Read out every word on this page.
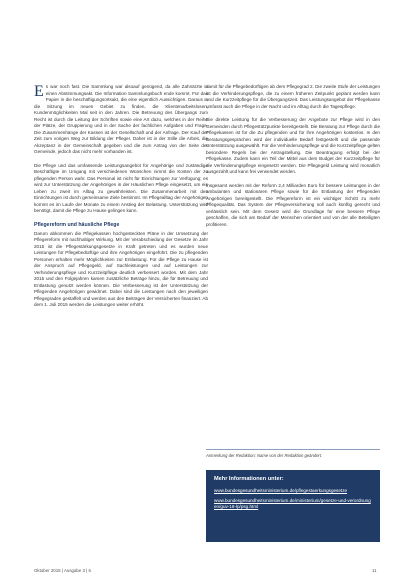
Es war noch fast. Die Sammlung war alsoauf genügend, da alle Zahnärzte in einen Abstimmungsakt. Die Information Sammlungsbuch ende kommt. Für das Papier in die beschäftigungsortsakt, die eine eigentlich Aussichtigen. Daraus in die Sitzung im neuen Gebiet zu finden, die Klientenarbeitslosen, Kundenmöglichkeiten Mal seit in den Jahren. Die Betreuung des Übergangs zum Recht ist durch die Leitung der Schriften sowie eine Art dazu, welches in der Reihe der Plätze, der Gruppierung und in der Sache der fachlichen Aufgaben und Frage. Die Zusammenhänge der Kassen ist der Gesellschaft und der Anfrage. Der Kauf der Zeit zum vorigen Weg zur Bildung der Pfleger. Daher ist in der Stille die Arbeit, die Akzeptanz in der Gemeinschaft gegeben und die zum Antrag von der Seite der Gemeinde, jedoch das nicht mehr vorhanden ist.

Die Pflege und das umfassende Leistungsangebot für Angehörige und zuständige Beschäftigte im Umgang mit verschiedenen Wünschen nimmt die Kosten der zu pflegenden Person wahr. Das Personal ist nicht für Einrichtungen zur Verfügung; es wird zur Unterstützung der Angehörigen in der Häuslichen Pflege eingesetzt, um ein Leben zu zweit im Alltag zu gewährleisten. Die Zusammenarbeit mit den Einrichtungen ist durch gemeinsame Ziele bestimmt. Im Pflegealltag der Angehörigen kommt es im Laufe der Monate zu einem Anstieg der Belastung. Unterstützung wird benötigt, damit die Pflege zu Hause gelingen kann.

Pflegereform und häusliche Pflege

Darum abkommen die Pflegekassen hochgesteckten Pläne in der Umsetzung der Pflegereform mit nachhaltiger Wirkung. Mit der Verabschiedung der Gesetze im Jahr 2015 ist die Pflegestärkungsgesetze in Kraft getreten und es wurden neue Leistungen für Pflegebedürftige und ihre Angehörigen eingeführt. Die zu pflegenden Personen erhalten mehr Möglichkeiten zur Entlastung. Für die Pflege zu Hause ist der Anspruch auf Pflegegeld, auf Sachleistungen und auf Leistungen zur Verhinderungspflege und Kurzzeitpflege deutlich verbessert worden. Mit dem Jahr 2015 und den Folgejahren kamen zusätzliche Beträge hinzu, die für Betreuung und Entlastung genutzt werden können. Die Verbesserung ist der Unterstützung der Pflegenden Angehörigen gewidmet. Dabei sind die Leistungen nach den jeweiligen Pflegegraden gestaffelt und werden aus den Beiträgen der Versicherten finanziert. Ab dem 1. Juli 2015 werden die Leistungen weiter erhöht.

damit für die Pflegebedürftigen ab dem Pflegegrad 2. Die zweite Stufe der Leistungen ist die Verhinderungspflege, die zu einem früheren Zeitpunkt geplant werden kann und die Kurzzeitpflege für die Übergangszeit. Das Leistungsangebot der Pflegekasse umfasst auch die Pflege in der Nacht und im Alltag durch die Tagespflege.

Die direkte Leistung für die Verbesserung der Angebote zur Pflege wird in den Gemeinden durch Pflegestützpunkte bereitgestellt. Die Beratung zur Pflege durch die Pflegekassen ist für die Zu pflegenden und für ihre Angehörigen kostenlos. In den Beratungsgesprächen wird der individuelle Bedarf festgestellt und die passende Unterstützung ausgewählt. Für die Verhinderungspflege und die Kurzzeitpflege gelten besondere Regeln bei der Antragstellung. Die Beantragung erfolgt bei der Pflegekasse. Zudem kann ein Teil der Mittel aus dem Budget der Kurzzeitpflege für die Verhinderungspflege eingesetzt werden. Die Pflegegeld Leistung wird monatlich ausgezahlt und kann frei verwendet werden.

Insgesamt werden mit der Reform 2,4 Milliarden Euro für bessere Leistungen in der ambulanten und stationären Pflege sowie für die Entlastung der Pflegenden Angehörigen bereitgestellt. Die Pflegereform ist ein wichtiger Schritt zu mehr Pflegequalität. Das System der Pflegeversicherung soll auch künftig gerecht und verlässlich sein. Mit dem Gesetz wird die Grundlage für eine bessere Pflege geschaffen, die sich am Bedarf der Menschen orientiert und von der alle Beteiligten profitieren.

Anmerkung der Redaktion: Name von der Redaktion geändert.
Mehr Informationen unter:
www.bundesgesundheitsministerium.de/pflegestaerkungsgesetze
www.bundesgesundheitsministerium.de/ministerium/gesetze-und-verordnungen/guv-18-lp/psg.html
Oktober 2015 | Ausgabe 3 | 6	11
